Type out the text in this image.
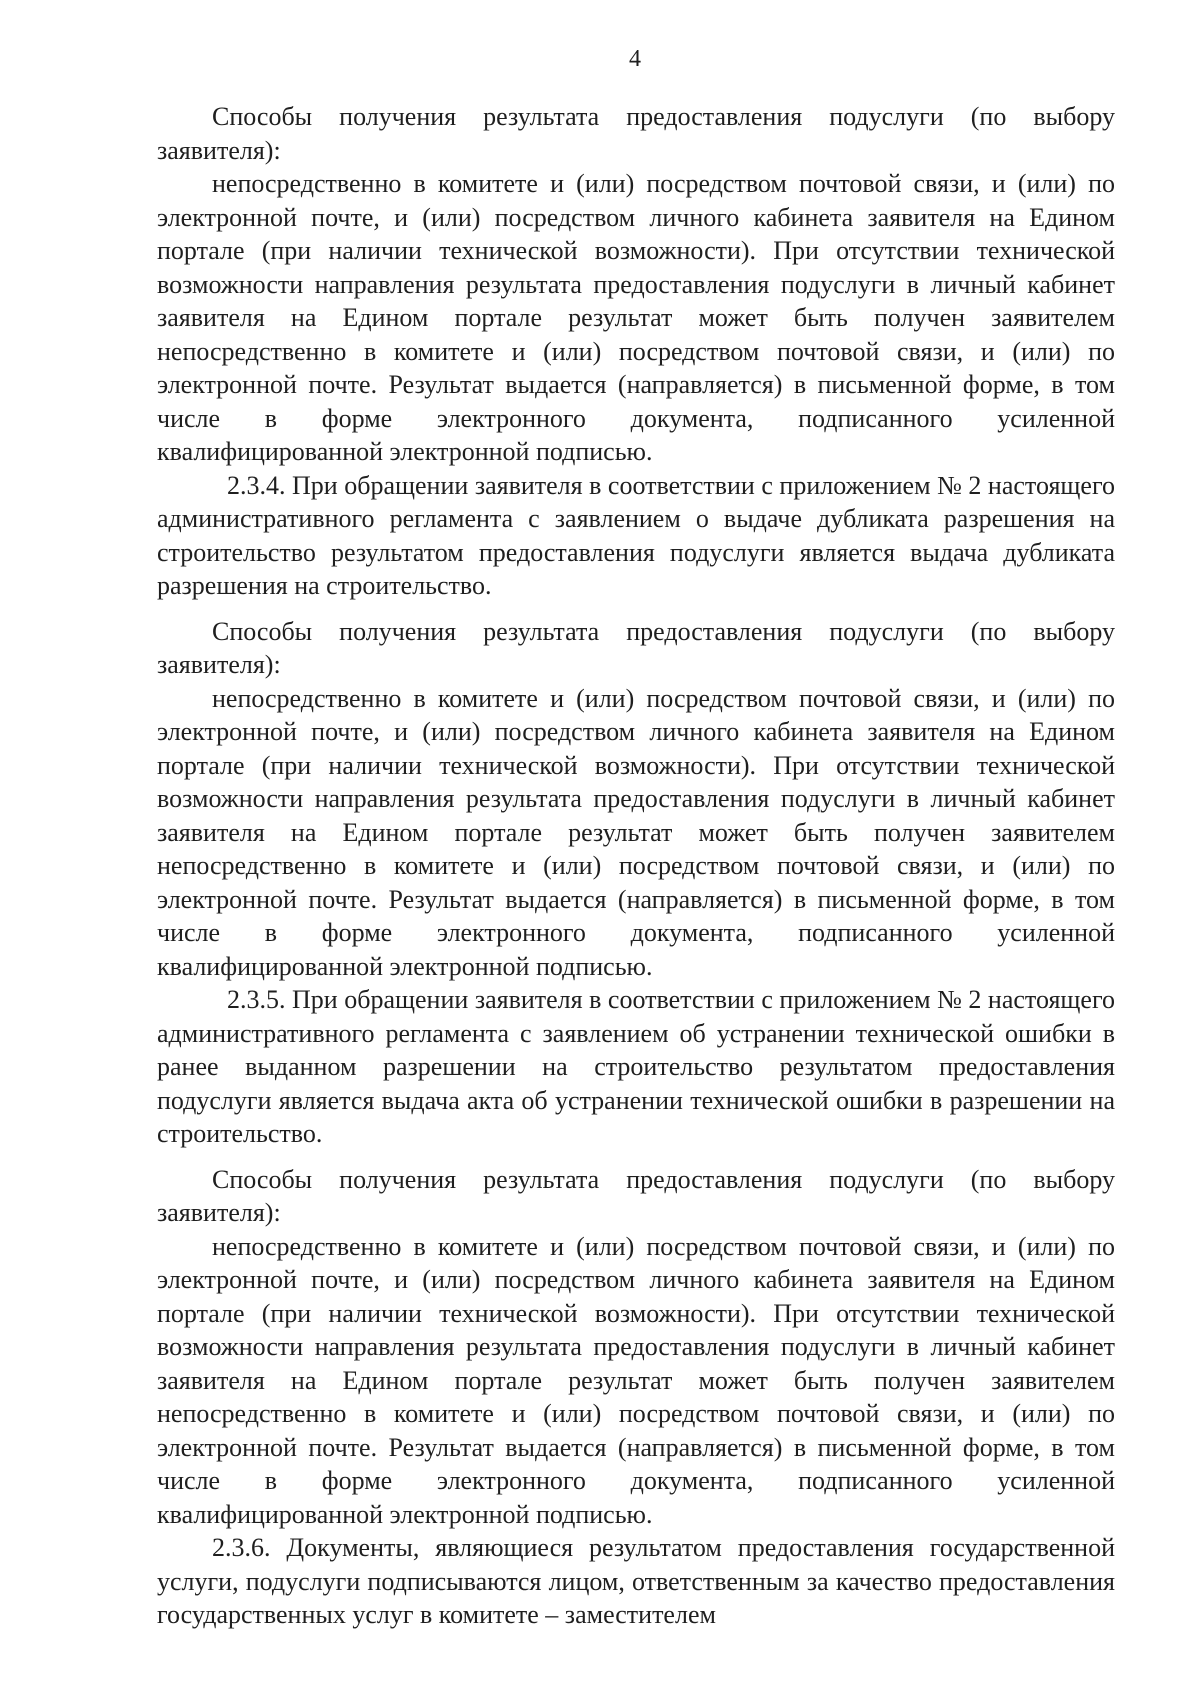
4

Способы получения результата предоставления подуслуги (по выбору заявителя):

непосредственно в комитете и (или) посредством почтовой связи, и (или) по электронной почте, и (или) посредством личного кабинета заявителя на Едином портале (при наличии технической возможности). При отсутствии технической возможности направления результата предоставления подуслуги в личный кабинет заявителя на Едином портале результат может быть получен заявителем непосредственно в комитете и (или) посредством почтовой связи, и (или) по электронной почте. Результат выдается (направляется) в письменной форме, в том числе в форме электронного документа, подписанного усиленной квалифицированной электронной подписью.

2.3.4. При обращении заявителя в соответствии с приложением № 2 настоящего административного регламента с заявлением о выдаче дубликата разрешения на строительство результатом предоставления подуслуги является выдача дубликата разрешения на строительство.

Способы получения результата предоставления подуслуги (по выбору заявителя):

непосредственно в комитете и (или) посредством почтовой связи, и (или) по электронной почте, и (или) посредством личного кабинета заявителя на Едином портале (при наличии технической возможности). При отсутствии технической возможности направления результата предоставления подуслуги в личный кабинет заявителя на Едином портале результат может быть получен заявителем непосредственно в комитете и (или) посредством почтовой связи, и (или) по электронной почте. Результат выдается (направляется) в письменной форме, в том числе в форме электронного документа, подписанного усиленной квалифицированной электронной подписью.

2.3.5. При обращении заявителя в соответствии с приложением № 2 настоящего административного регламента с заявлением об устранении технической ошибки в ранее выданном разрешении на строительство результатом предоставления подуслуги является выдача акта об устранении технической ошибки в разрешении на строительство.

Способы получения результата предоставления подуслуги (по выбору заявителя):

непосредственно в комитете и (или) посредством почтовой связи, и (или) по электронной почте, и (или) посредством личного кабинета заявителя на Едином портале (при наличии технической возможности). При отсутствии технической возможности направления результата предоставления подуслуги в личный кабинет заявителя на Едином портале результат может быть получен заявителем непосредственно в комитете и (или) посредством почтовой связи, и (или) по электронной почте. Результат выдается (направляется) в письменной форме, в том числе в форме электронного документа, подписанного усиленной квалифицированной электронной подписью.

2.3.6. Документы, являющиеся результатом предоставления государственной услуги, подуслуги подписываются лицом, ответственным за качество предоставления государственных услуг в комитете – заместителем
